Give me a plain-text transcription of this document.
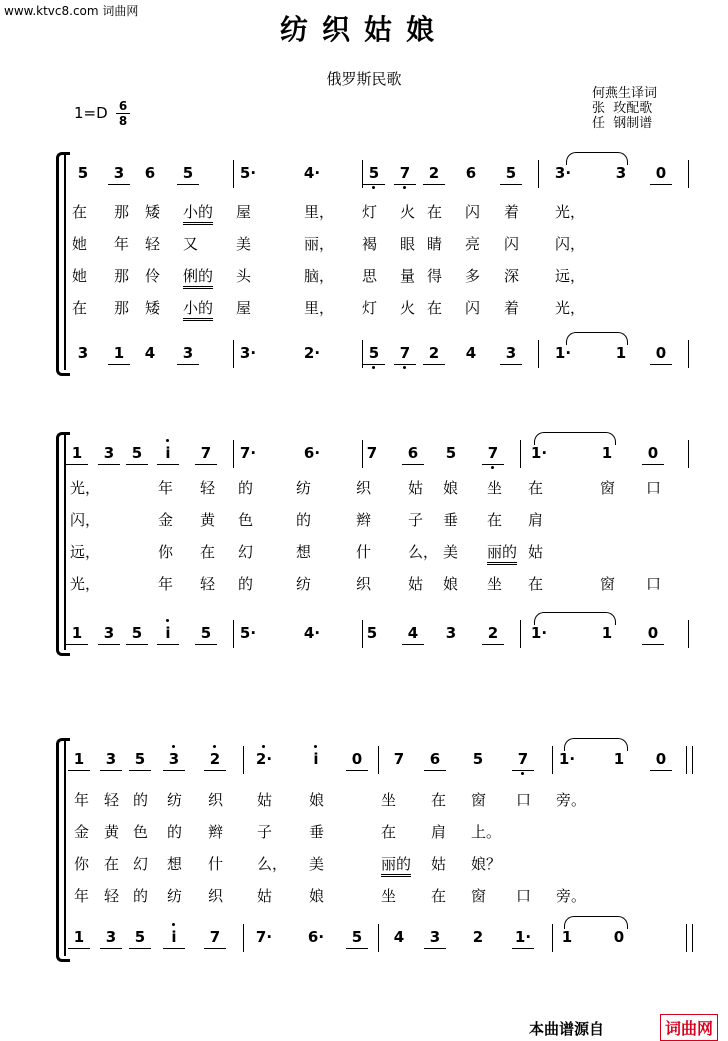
www.ktvc8.com 词曲网
纺织姑娘
俄罗斯民歌
$1=D \frac{6}{8}$
何燕生译词
张  玫配歌
任  钢制谱
5	3	6	5	5·	4·	5	7	2	6	5	3·	3	0
3	1	4	3	3·	2·	5	7	2	4	3	1·	1	0
在 那 矮 小的 屋	里， 灯 火 在 闪 着 光，
她 年 轻 又	美	丽， 褐 眼 睛 亮 闪 闪，
她 那 伶 俐的 头	脑， 思 量 得 多 深 远，
在 那 矮 小的 屋	里， 灯 火 在 闪 着 光，
1	3	5	i	7	7·	6·	7	6	5	7	1·	1	0
1	3	5	i	5	5·	4·	5	4	3	2	1·	1	0
光，	年 轻 的	纺	织 姑 娘 坐 在	窗 口
闪，	金 黄 色	的	辫 子 垂 在 肩
远，	你 在 幻	想	什 么， 美 丽的 姑
光，	年 轻 的	纺	织 姑 娘 坐 在	窗 口
1	3	5	3	2	2·	i	0	7	6	5	7	1·	1	0
1	3	5	i	7	7· 6·	5	4	3	2	1·	1	0
年 轻 的 纺 织 姑 娘	坐 在 窗 口 旁。
金 黄 色 的 辫 子 垂	在 肩 上。
你 在 幻 想 什 么， 美	丽的 姑 娘？
年 轻 的 纺 织 姑 娘	坐 在 窗 口 旁。
本曲谱源自	词曲网
